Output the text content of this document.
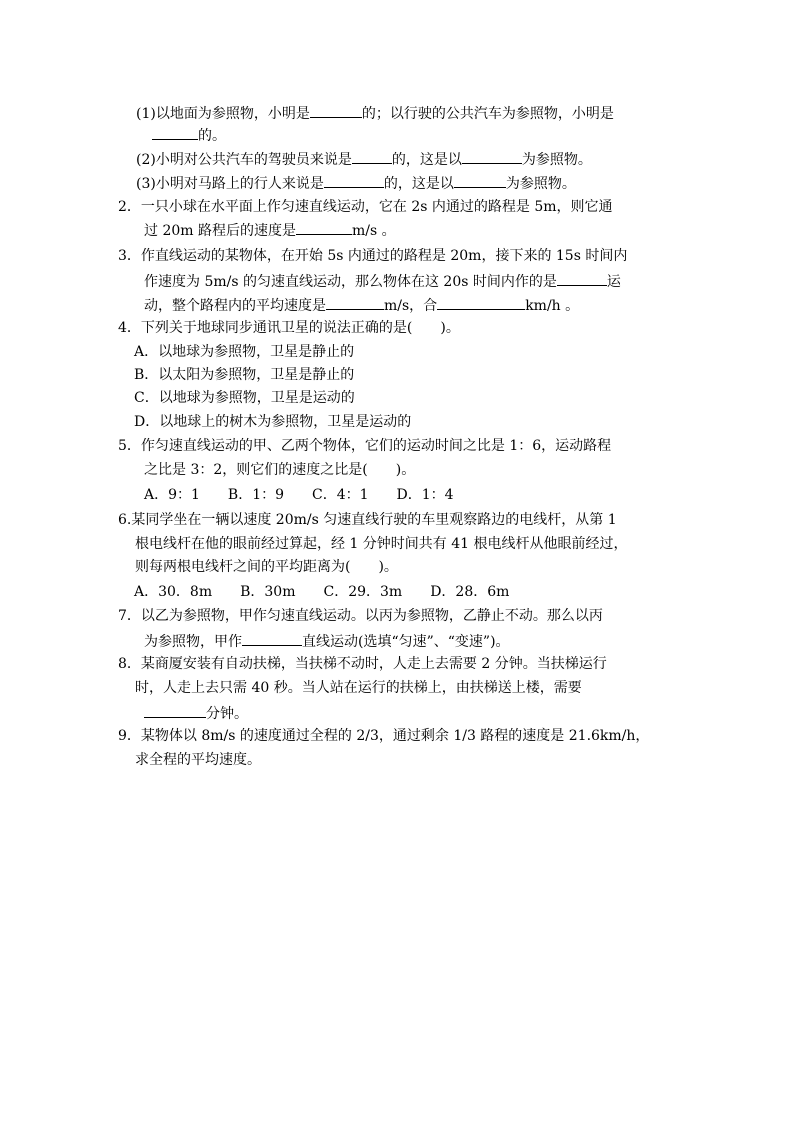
(1)以地面为参照物，小明是	的；以行驶的公共汽车为参照物，小明是
的。
(2)小明对公共汽车的驾驶员来说是	的，这是以	为参照物。
(3)小明对马路上的行人来说是	的，这是以	为参照物。
2．一只小球在水平面上作匀速直线运动，它在 2s 内通过的路程是 5m，则它通
过 20m 路程后的速度是	m/s 。
3．作直线运动的某物体，在开始 5s 内通过的路程是 20m，接下来的 15s 时间内
作速度为 5m/s 的匀速直线运动，那么物体在这 20s 时间内作的是	运
动，整个路程内的平均速度是	m/s，合	km/h 。
4．下列关于地球同步通讯卫星的说法正确的是(　　)。
A．以地球为参照物，卫星是静止的
B．以太阳为参照物，卫星是静止的
C．以地球为参照物，卫星是运动的
D．以地球上的树木为参照物，卫星是运动的
5．作匀速直线运动的甲、乙两个物体，它们的运动时间之比是 1：6，运动路程
之比是 3：2，则它们的速度之比是(　　)。
A．9：1　　B．1：9　　C．4：1　　D．1：4
6.某同学坐在一辆以速度 20m/s 匀速直线行驶的车里观察路边的电线杆，从第 1
根电线杆在他的眼前经过算起，经 1 分钟时间共有 41 根电线杆从他眼前经过，
则每两根电线杆之间的平均距离为(　　)。
A．30．8m　　B．30m　　C．29．3m　　D．28．6m
7．以乙为参照物，甲作匀速直线运动。以丙为参照物，乙静止不动。那么以丙
为参照物，甲作	直线运动(选填“匀速”、“变速”)。
8．某商厦安装有自动扶梯，当扶梯不动时，人走上去需要 2 分钟。当扶梯运行
时，人走上去只需 40 秒。当人站在运行的扶梯上，由扶梯送上楼，需要
分钟。
9．某物体以 8m/s 的速度通过全程的 2/3，通过剩余 1/3 路程的速度是 21.6km/h，
求全程的平均速度。
